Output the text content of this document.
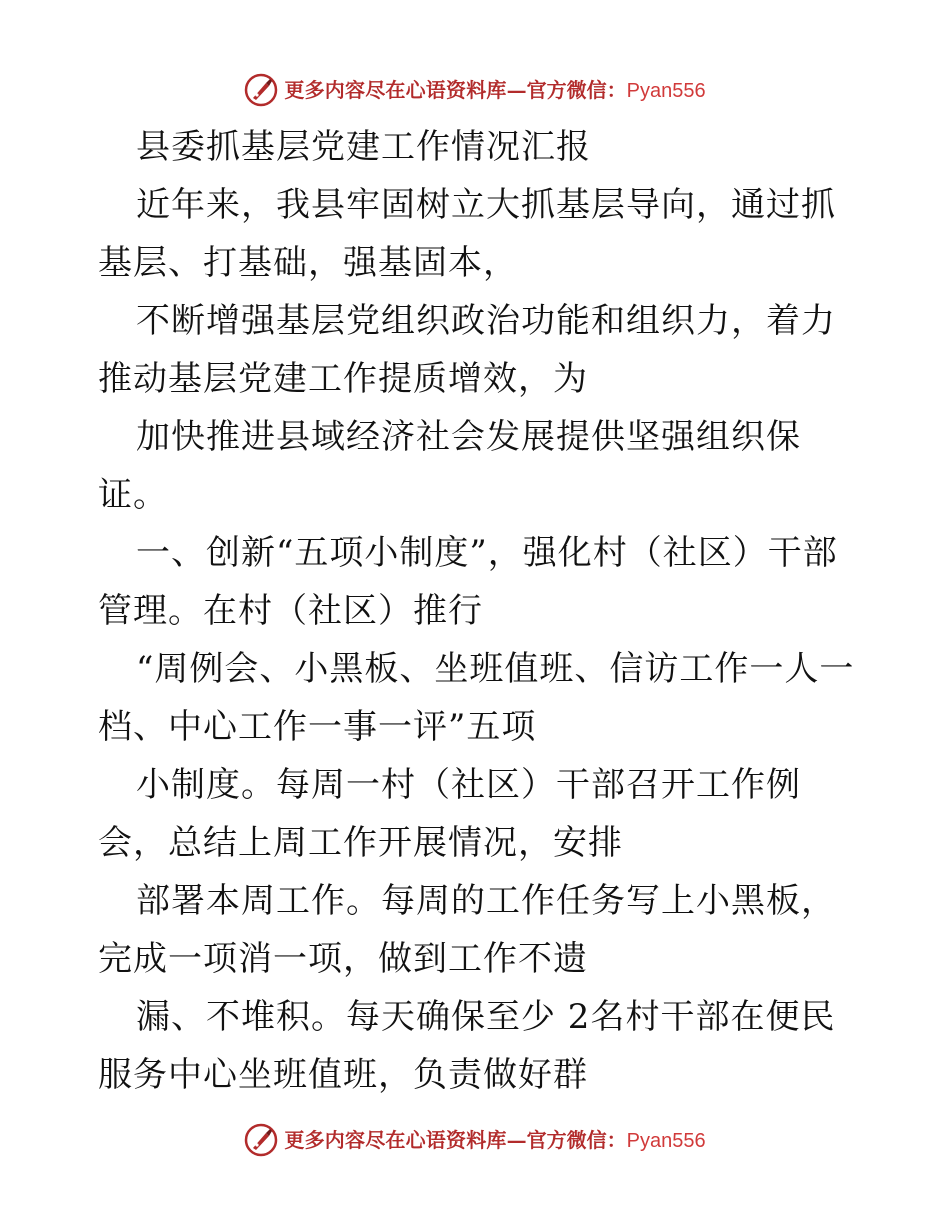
更多内容尽在心语资料库 — 官方微信： Pyan556

县委抓基层党建工作情况汇报

近年来，我县牢固树立大抓基层导向，通过抓基层、打基础，强基固本，

不断增强基层党组织政治功能和组织力，着力推动基层党建工作提质增效，为

加快推进县域经济社会发展提供坚强组织保证。

一、创新“五项小制度”，强化村（社区）干部管理。在村（社区）推行

“周例会、小黑板、坐班值班、信访工作一人一档、中心工作一事一评”五项

小制度。每周一村（社区）干部召开工作例会，总结上周工作开展情况，安排

部署本周工作。每周的工作任务写上小黑板，完成一项消一项，做到工作不遗

漏、不堆积。每天确保至少 2名村干部在便民服务中心坐班值班，负责做好群

更多内容尽在心语资料库 — 官方微信： Pyan556
